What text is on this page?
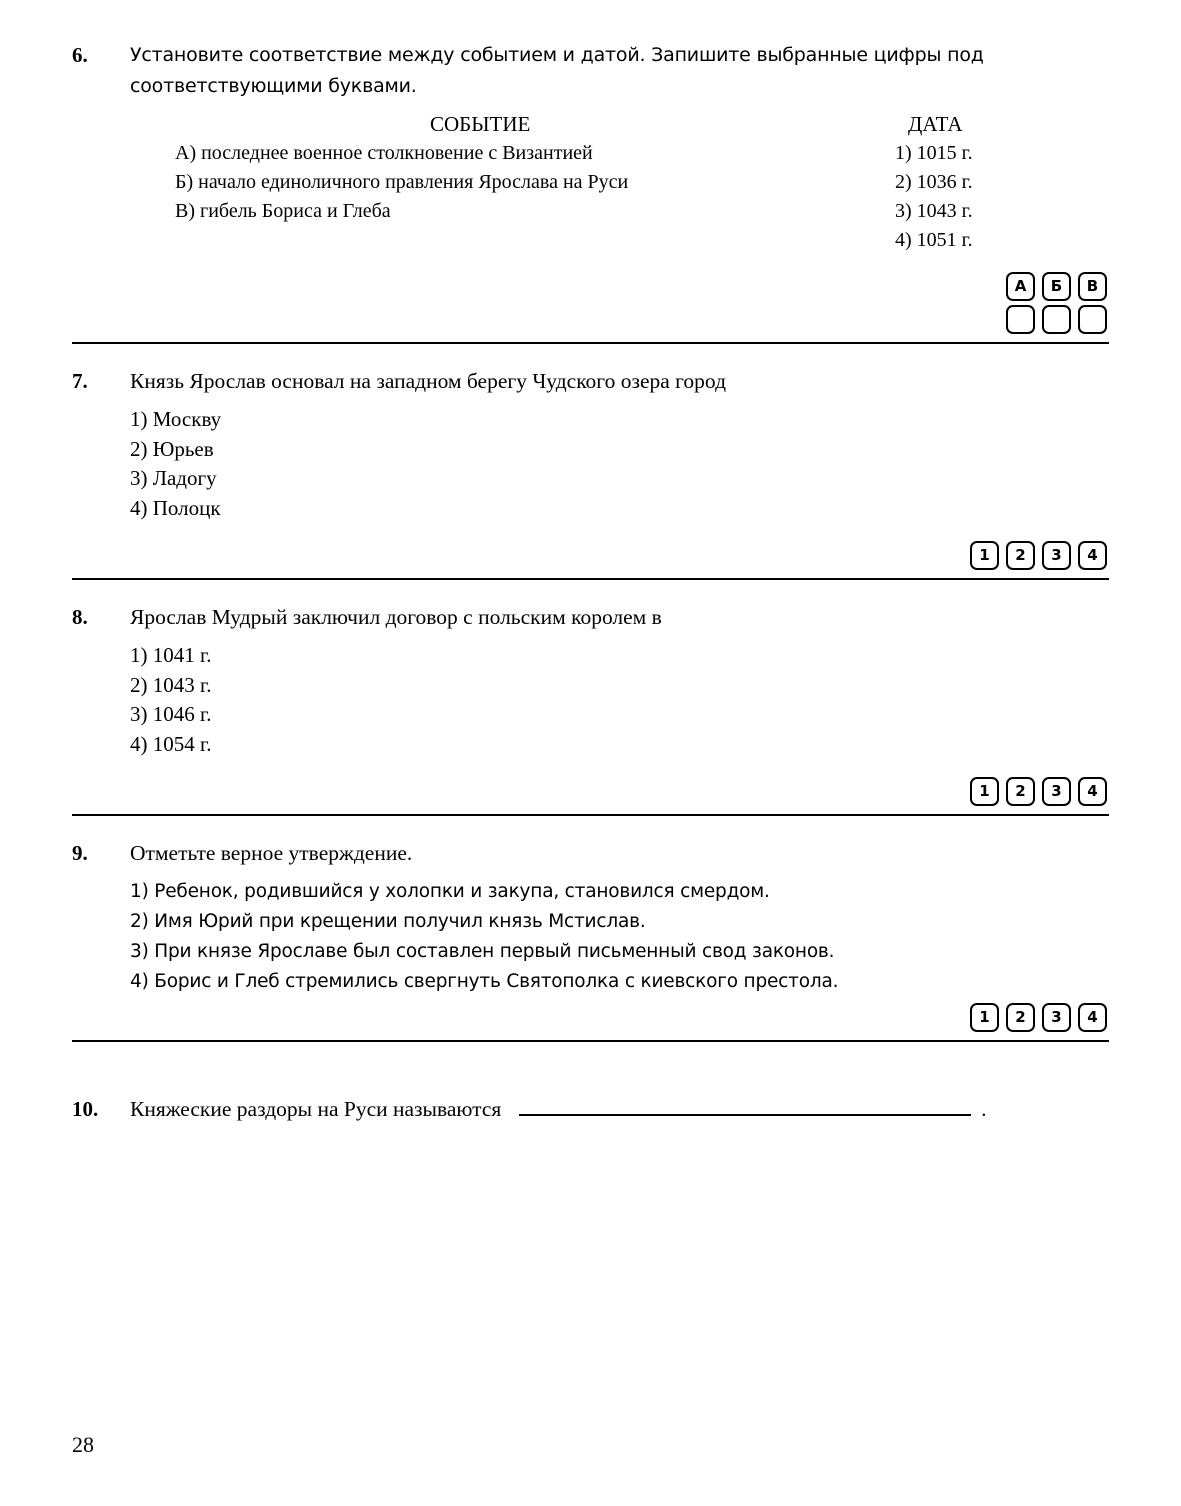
6.	Установите соответствие между событием и датой. Запишите выбранные цифры под соответствующими буквами.
СОБЫТИЕ	ДАТА
А) последнее военное столкновение с Византией	1) 1015 г.
Б) начало единоличного правления Ярослава на Руси	2) 1036 г.
В) гибель Бориса и Глеба	3) 1043 г.
4) 1051 г.
А	Б	В
7.	Князь Ярослав основал на западном берегу Чудского озера город
1) Москву
2) Юрьев
3) Ладогу
4) Полоцк
1	2	3	4
8.	Ярослав Мудрый заключил договор с польским королем в
1) 1041 г.
2) 1043 г.
3) 1046 г.
4) 1054 г.
1	2	3	4
9.	Отметьте верное утверждение.
1) Ребенок, родившийся у холопки и закупа, становился смердом.
2) Имя Юрий при крещении получил князь Мстислав.
3) При князе Ярославе был составлен первый письменный свод законов.
4) Борис и Глеб стремились свергнуть Святополка с киевского престола.
1	2	3	4
10.	Княжеские раздоры на Руси называются	.
28
